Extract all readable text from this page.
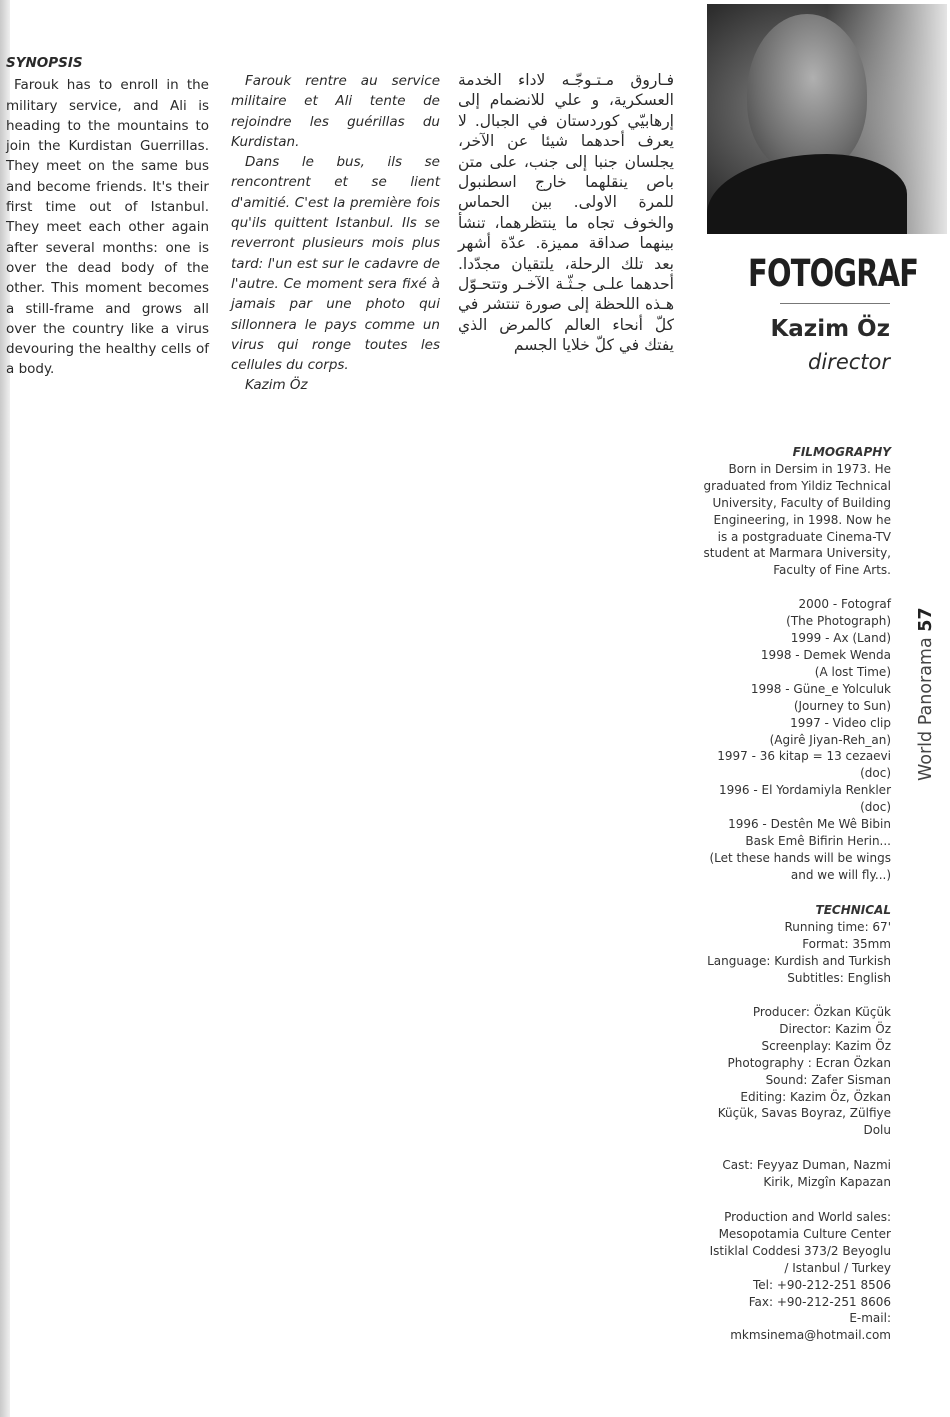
SYNOPSIS

Farouk has to enroll in the military service, and Ali is heading to the mountains to join the Kurdistan Guerrillas. They meet on the same bus and become friends. It's their first time out of Istanbul. They meet each other again after several months: one is over the dead body of the other. This moment becomes a still-frame and grows all over the country like a virus devouring the healthy cells of a body.

Farouk rentre au service militaire et Ali tente de rejoindre les guérillas du Kurdistan.

Dans le bus, ils se rencontrent et se lient d'amitié. C'est la première fois qu'ils quittent Istanbul. Ils se reverront plusieurs mois plus tard: l'un est sur le cadavre de l'autre. Ce moment sera fixé à jamais par une photo qui sillonnera le pays comme un virus qui ronge toutes les cellules du corps.

Kazim Öz

فـاروق مـتـوجّـه لاداء الخدمة العسكرية، و علي للانضمام إلى إرهابيّي كوردستان في الجبال. لا يعرف أحدهما شيئا عن الآخر، يجلسان جنبا إلى جنب، على متن باص ينقلهما خارج اسطنبول للمرة الاولى. بين الحماس والخوف تجاه ما ينتظرهما، تنشأ بينهما صداقة مميزة. عدّة أشهر بعد تلك الرحلة، يلتقيان مجدّدا. أحدهما علـى جـثّـة الآخـر وتتحـوّل هـذه اللحظة إلى صورة تنتشر في كلّ أنحاء العالم كالمرض الذي يفتك في كلّ خلايا الجسم

FOTOGRAF
Kazim Öz
director
FILMOGRAPHY
Born in Dersim in 1973. He
graduated from Yildiz Technical
University, Faculty of Building
Engineering, in 1998. Now he
is a postgraduate Cinema-TV
student at Marmara University,
Faculty of Fine Arts.
2000 - Fotograf
(The Photograph)
1999 - Ax (Land)
1998 - Demek Wenda
(A lost Time)
1998 - Güne_e Yolculuk
(Journey to Sun)
1997 - Video clip
(Agirê Jiyan-Reh_an)
1997 - 36 kitap = 13 cezaevi
(doc)
1996 - El Yordamiyla Renkler
(doc)
1996 - Destên Me Wê Bibin
Bask Emê Bifirin Herin...
(Let these hands will be wings
and we will fly...)
TECHNICAL
Running time: 67'
Format: 35mm
Language: Kurdish and Turkish
Subtitles: English
Producer: Özkan Küçük
Director: Kazim Öz
Screenplay: Kazim Öz
Photography : Ecran Özkan
Sound: Zafer Sisman
Editing: Kazim Öz, Özkan
Küçük, Savas Boyraz, Zülfiye
Dolu
Cast: Feyyaz Duman, Nazmi
Kirik, Mizgîn Kapazan
Production and World sales:
Mesopotamia Culture Center
Istiklal Coddesi 373/2 Beyoglu
/ Istanbul / Turkey
Tel: +90-212-251 8506
Fax: +90-212-251 8606
E-mail:
mkmsinema@hotmail.com
World Panorama 57
